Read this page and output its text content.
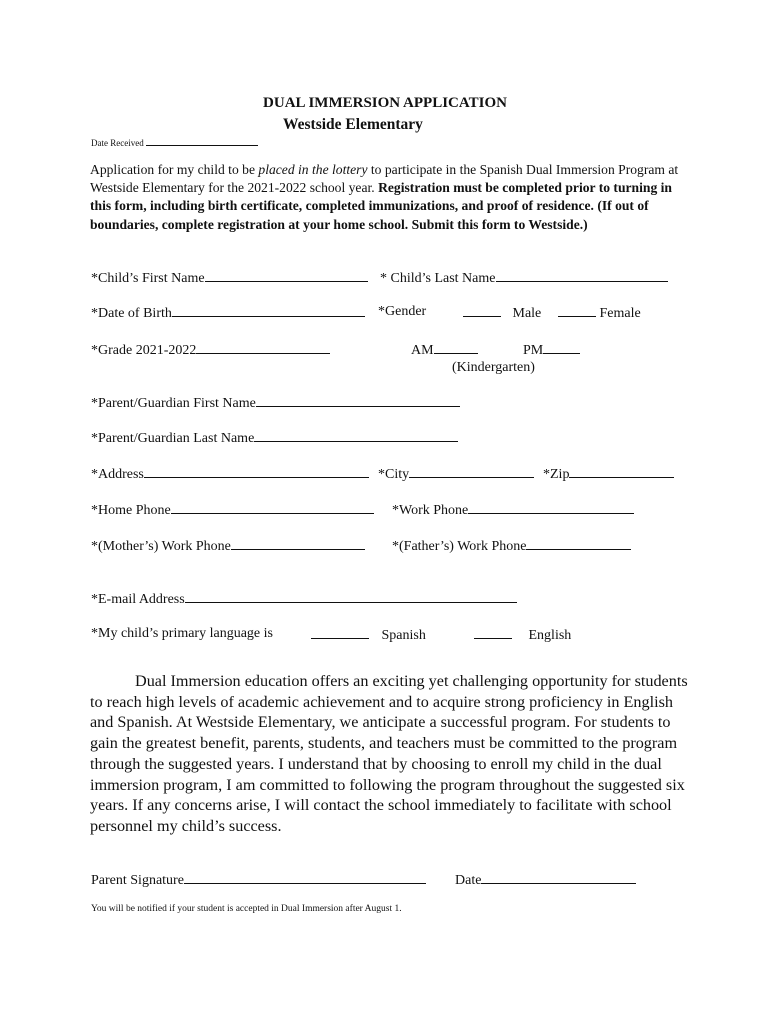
DUAL IMMERSION APPLICATION
Westside Elementary
Date Received
Application for my child to be placed in the lottery to participate in the Spanish Dual Immersion Program at Westside Elementary for the 2021-2022 school year. Registration must be completed prior to turning in this form, including birth certificate, completed immunizations, and proof of residence. (If out of boundaries, complete registration at your home school. Submit this form to Westside.)
*Child’s First Name	* Child’s Last Name
*Date of Birth	*Gender	Male	Female
*Grade 2021-2022	AM	PM
(Kindergarten)
*Parent/Guardian First Name
*Parent/Guardian Last Name
*Address	*City	*Zip
*Home Phone	*Work Phone
*(Mother’s) Work Phone	*(Father’s) Work Phone
*E-mail Address
*My child’s primary language is	Spanish	English
Dual Immersion education offers an exciting yet challenging opportunity for students to reach high levels of academic achievement and to acquire strong proficiency in English and Spanish. At Westside Elementary, we anticipate a successful program. For students to gain the greatest benefit, parents, students, and teachers must be committed to the program through the suggested years. I understand that by choosing to enroll my child in the dual immersion program, I am committed to following the program throughout the suggested six years. If any concerns arise, I will contact the school immediately to facilitate with school personnel my child’s success.
Parent Signature	Date
You will be notified if your student is accepted in Dual Immersion after August 1.
